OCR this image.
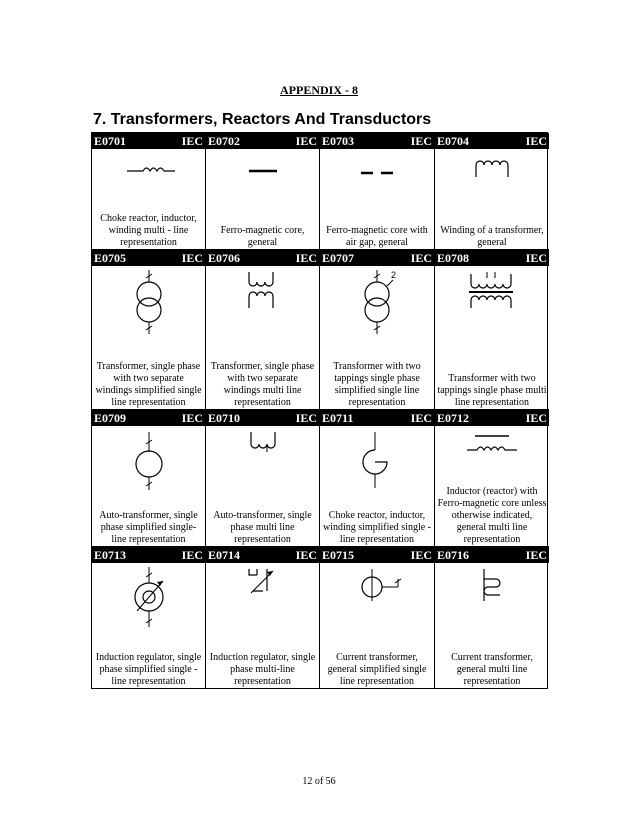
APPENDIX - 8
7. Transformers, Reactors And Transductors
E0701	IEC
Choke reactor, inductor, winding multi - line representation
E0702	IEC
Ferro-magnetic core, general
E0703	IEC
Ferro-magnetic core with air gap, general
E0704	IEC
Winding of a transformer, general
E0705	IEC
Transformer, single phase with two separate windings simplified single line representation
E0706	IEC
Transformer, single phase with two separate windings multi line representation
E0707	IEC
2
Transformer with two tappings single phase simplified single line representation
E0708	IEC
Transformer with two tappings single phase multi line representation
E0709	IEC
Auto-transformer, single phase simplified single-line representation
E0710	IEC
Auto-transformer, single phase multi line representation
E0711	IEC
Choke reactor, inductor, winding simplified single - line representation
E0712	IEC
Inductor (reactor) with Ferro-magnetic core unless otherwise indicated, general multi line representation
E0713	IEC
Induction regulator, single phase simplified single - line representation
E0714	IEC
Induction regulator, single phase multi-line representation
E0715	IEC
Current transformer, general simplified single line representation
E0716	IEC
Current transformer, general multi line representation
12 of 56
